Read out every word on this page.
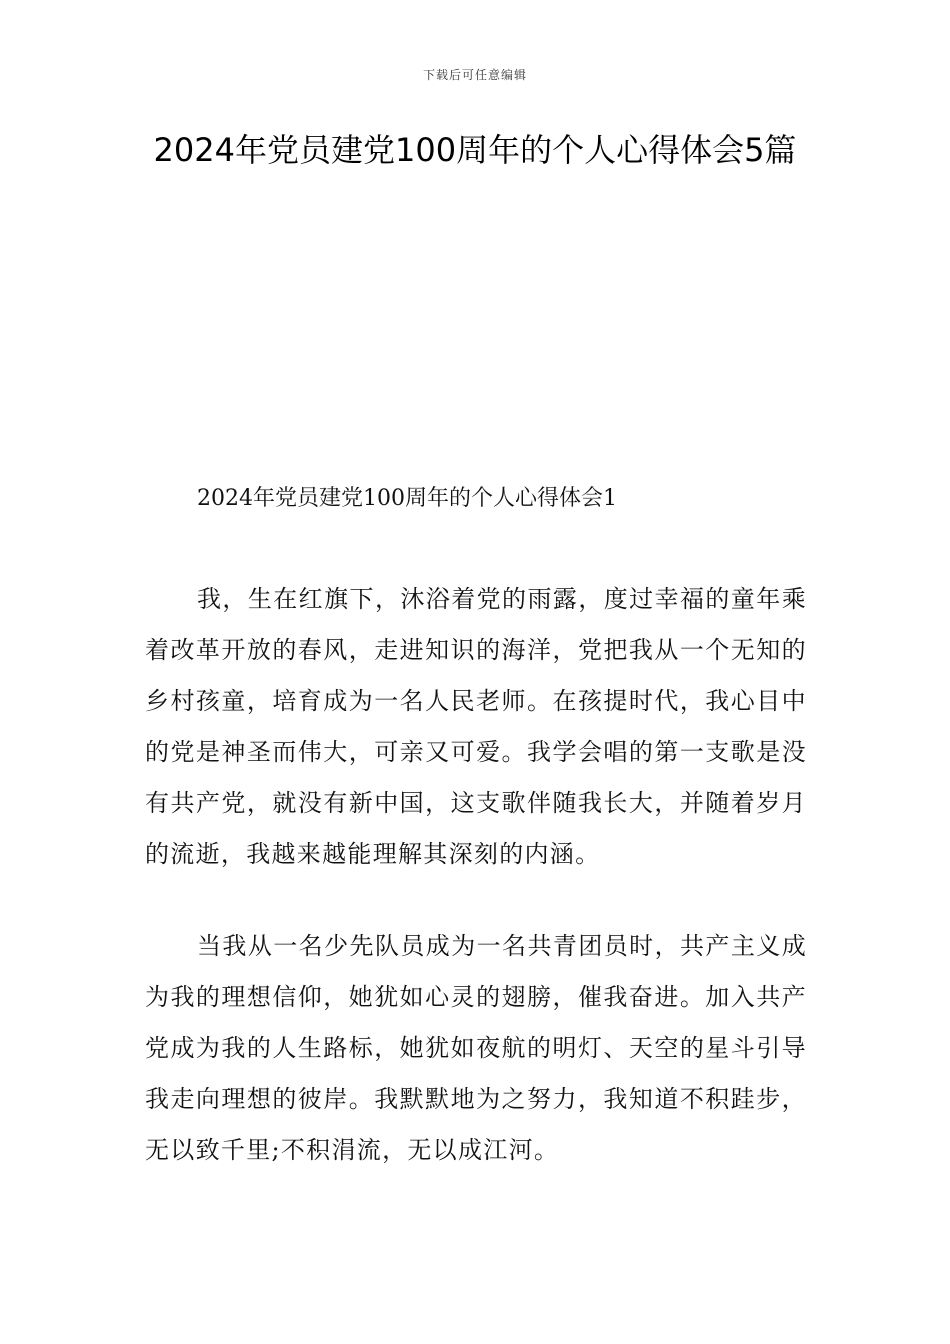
下载后可任意编辑
2024年党员建党100周年的个人心得体会5篇
2024年党员建党100周年的个人心得体会1

我，生在红旗下，沐浴着党的雨露，度过幸福的童年乘着改革开放的春风，走进知识的海洋，党把我从一个无知的乡村孩童，培育成为一名人民老师。在孩提时代，我心目中的党是神圣而伟大，可亲又可爱。我学会唱的第一支歌是没有共产党，就没有新中国，这支歌伴随我长大，并随着岁月的流逝，我越来越能理解其深刻的内涵。

当我从一名少先队员成为一名共青团员时，共产主义成为我的理想信仰，她犹如心灵的翅膀，催我奋进。加入共产党成为我的人生路标，她犹如夜航的明灯、天空的星斗引导我走向理想的彼岸。我默默地为之努力，我知道不积跬步，无以致千里;不积涓流，无以成江河。
